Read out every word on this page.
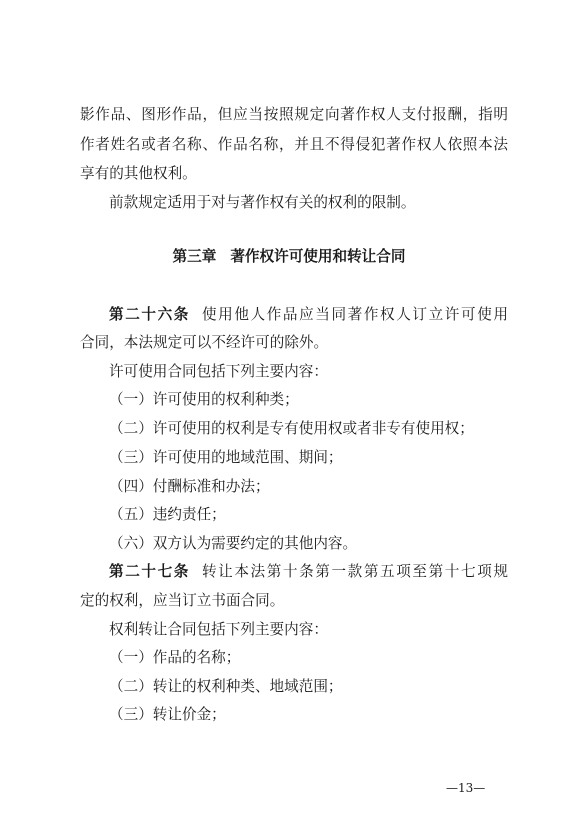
影作品、图形作品，但应当按照规定向著作权人支付报酬，指明
作者姓名或者名称、作品名称，并且不得侵犯著作权人依照本法
享有的其他权利。
前款规定适用于对与著作权有关的权利的限制。
第三章 著作权许可使用和转让合同
第二十六条 使用他人作品应当同著作权人订立许可使用
合同，本法规定可以不经许可的除外。
许可使用合同包括下列主要内容：
（一）许可使用的权利种类；
（二）许可使用的权利是专有使用权或者非专有使用权；
（三）许可使用的地域范围、期间；
（四）付酬标准和办法；
（五）违约责任；
（六）双方认为需要约定的其他内容。
第二十七条 转让本法第十条第一款第五项至第十七项规
定的权利，应当订立书面合同。
权利转让合同包括下列主要内容：
（一）作品的名称；
（二）转让的权利种类、地域范围；
（三）转让价金；
—13—
